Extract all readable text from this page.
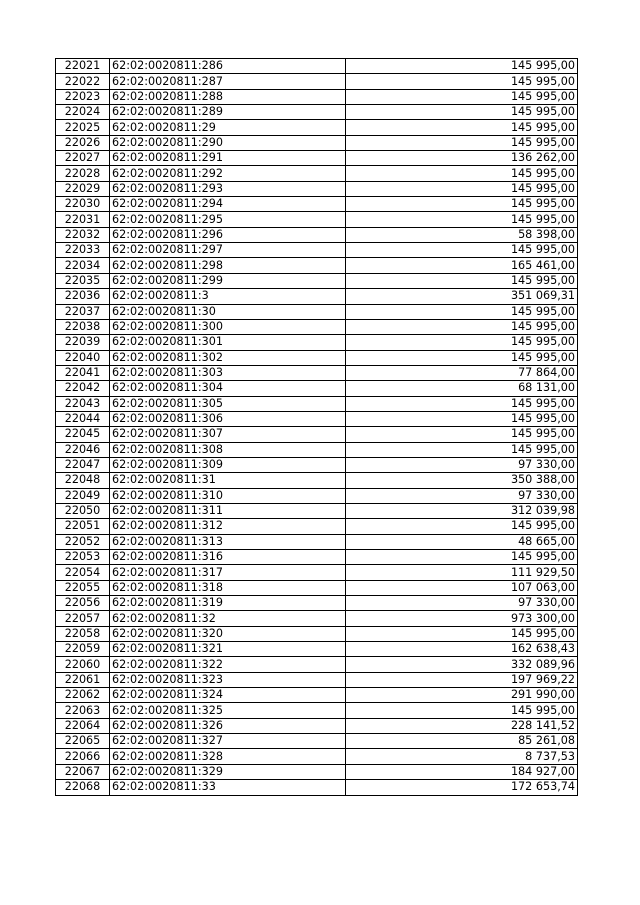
22021	62:02:0020811:286	145 995,00
22022	62:02:0020811:287	145 995,00
22023	62:02:0020811:288	145 995,00
22024	62:02:0020811:289	145 995,00
22025	62:02:0020811:29	145 995,00
22026	62:02:0020811:290	145 995,00
22027	62:02:0020811:291	136 262,00
22028	62:02:0020811:292	145 995,00
22029	62:02:0020811:293	145 995,00
22030	62:02:0020811:294	145 995,00
22031	62:02:0020811:295	145 995,00
22032	62:02:0020811:296	58 398,00
22033	62:02:0020811:297	145 995,00
22034	62:02:0020811:298	165 461,00
22035	62:02:0020811:299	145 995,00
22036	62:02:0020811:3	351 069,31
22037	62:02:0020811:30	145 995,00
22038	62:02:0020811:300	145 995,00
22039	62:02:0020811:301	145 995,00
22040	62:02:0020811:302	145 995,00
22041	62:02:0020811:303	77 864,00
22042	62:02:0020811:304	68 131,00
22043	62:02:0020811:305	145 995,00
22044	62:02:0020811:306	145 995,00
22045	62:02:0020811:307	145 995,00
22046	62:02:0020811:308	145 995,00
22047	62:02:0020811:309	97 330,00
22048	62:02:0020811:31	350 388,00
22049	62:02:0020811:310	97 330,00
22050	62:02:0020811:311	312 039,98
22051	62:02:0020811:312	145 995,00
22052	62:02:0020811:313	48 665,00
22053	62:02:0020811:316	145 995,00
22054	62:02:0020811:317	111 929,50
22055	62:02:0020811:318	107 063,00
22056	62:02:0020811:319	97 330,00
22057	62:02:0020811:32	973 300,00
22058	62:02:0020811:320	145 995,00
22059	62:02:0020811:321	162 638,43
22060	62:02:0020811:322	332 089,96
22061	62:02:0020811:323	197 969,22
22062	62:02:0020811:324	291 990,00
22063	62:02:0020811:325	145 995,00
22064	62:02:0020811:326	228 141,52
22065	62:02:0020811:327	85 261,08
22066	62:02:0020811:328	8 737,53
22067	62:02:0020811:329	184 927,00
22068	62:02:0020811:33	172 653,74
